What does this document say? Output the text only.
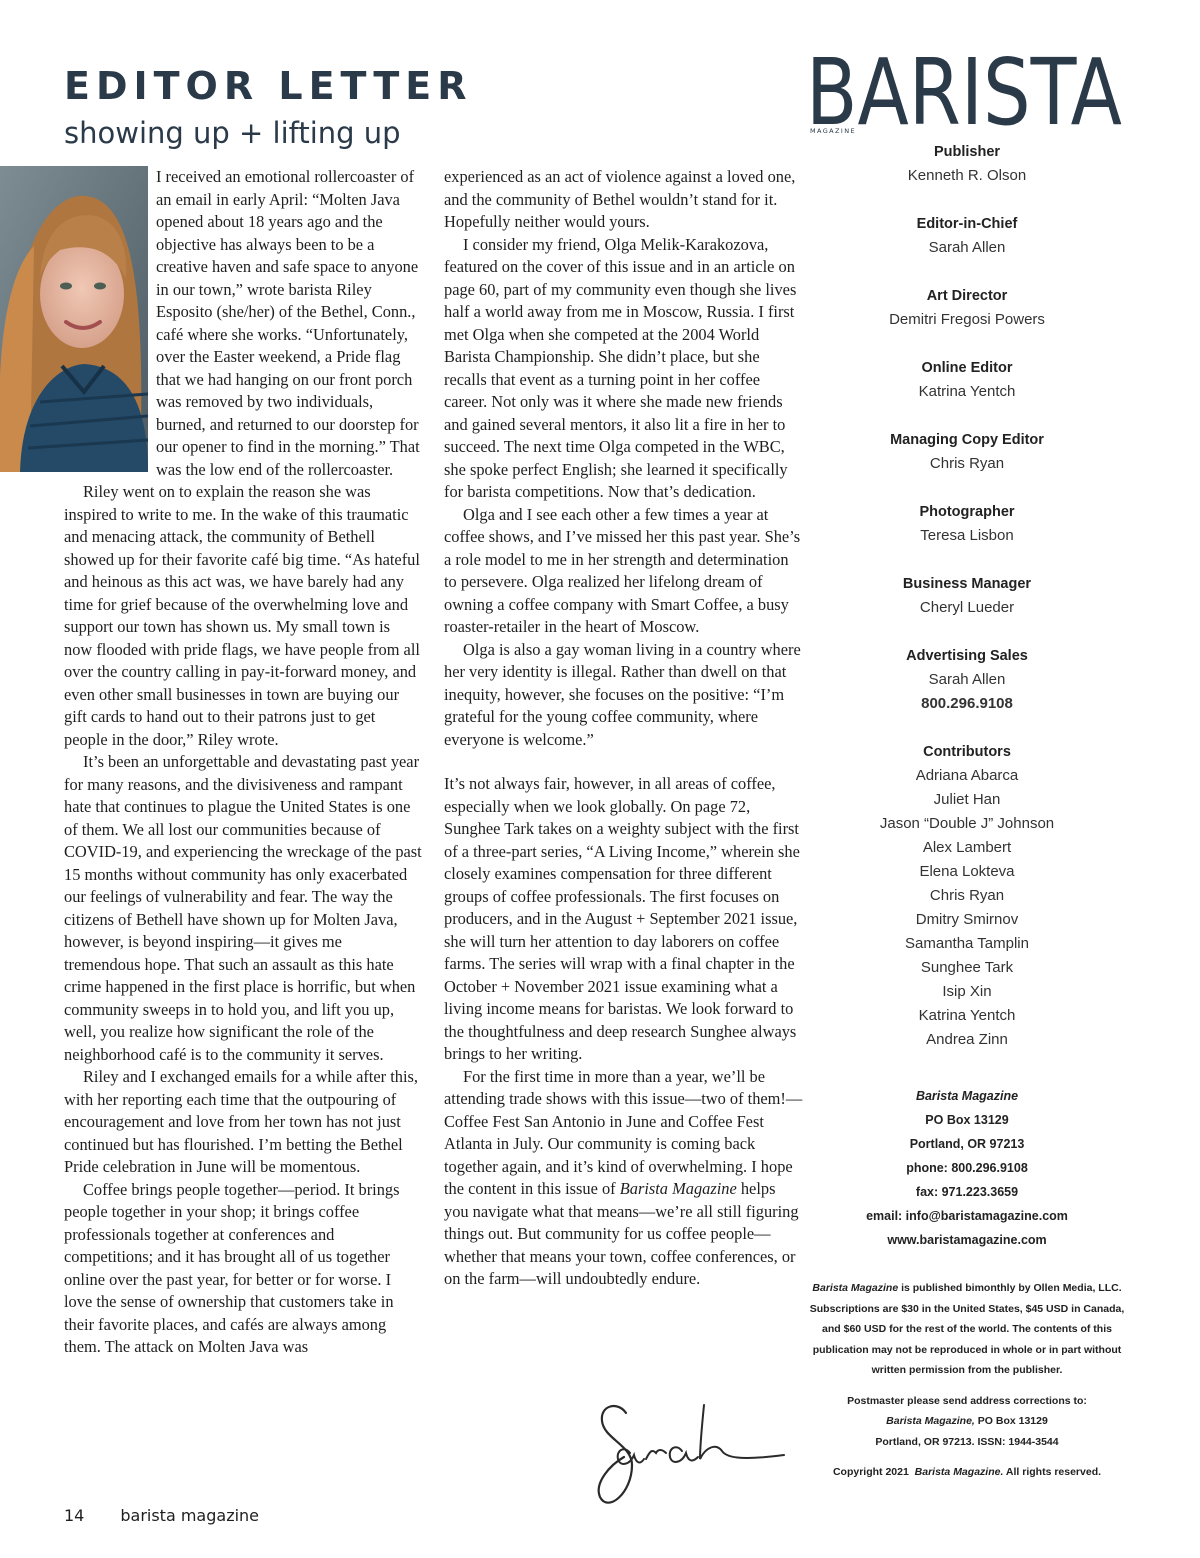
EDITOR LETTER
showing up + lifting up	BARISTA
MAGAZINE

I received an emotional rollercoaster of an email in early April: “Molten Java opened about 18 years ago and the objective has always been to be a creative haven and safe space to anyone in our town,” wrote barista Riley Esposito (she/her) of the Bethel, Conn., café where she works. “Unfortunately, over the Easter weekend, a Pride flag that we had hanging on our front porch was removed by two individuals, burned, and returned to our doorstep for our opener to find in the morning.” That was the low end of the rollercoaster.

Riley went on to explain the reason she was inspired to write to me. In the wake of this traumatic and menacing attack, the community of Bethell showed up for their favorite café big time. “As hateful and heinous as this act was, we have barely had any time for grief because of the overwhelming love and support our town has shown us. My small town is now flooded with pride flags, we have people from all over the country calling in pay-it-forward money, and even other small businesses in town are buying our gift cards to hand out to their patrons just to get people in the door,” Riley wrote.

It’s been an unforgettable and devastating past year for many reasons, and the divisiveness and rampant hate that continues to plague the United States is one of them. We all lost our communities because of COVID-19, and experiencing the wreckage of the past 15 months without community has only exacerbated our feelings of vulnerability and fear. The way the citizens of Bethell have shown up for Molten Java, however, is beyond inspiring—it gives me tremendous hope. That such an assault as this hate crime happened in the first place is horrific, but when community sweeps in to hold you, and lift you up, well, you realize how significant the role of the neighborhood café is to the community it serves.

Riley and I exchanged emails for a while after this, with her reporting each time that the outpouring of encouragement and love from her town has not just continued but has flourished. I’m betting the Bethel Pride celebration in June will be momentous.

Coffee brings people together—period. It brings people together in your shop; it brings coffee professionals together at conferences and competitions; and it has brought all of us together online over the past year, for better or for worse. I love the sense of ownership that customers take in their favorite places, and cafés are always among them. The attack on Molten Java was

experienced as an act of violence against a loved one, and the community of Bethel wouldn’t stand for it. Hopefully neither would yours.

I consider my friend, Olga Melik-Karakozova, featured on the cover of this issue and in an article on page 60, part of my community even though she lives half a world away from me in Moscow, Russia. I first met Olga when she competed at the 2004 World Barista Championship. She didn’t place, but she recalls that event as a turning point in her coffee career. Not only was it where she made new friends and gained several mentors, it also lit a fire in her to succeed. The next time Olga competed in the WBC, she spoke perfect English; she learned it specifically for barista competitions. Now that’s dedication.

Olga and I see each other a few times a year at coffee shows, and I’ve missed her this past year. She’s a role model to me in her strength and determination to persevere. Olga realized her lifelong dream of owning a coffee company with Smart Coffee, a busy roaster-retailer in the heart of Moscow.

Olga is also a gay woman living in a country where her very identity is illegal. Rather than dwell on that inequity, however, she focuses on the positive: “I’m grateful for the young coffee community, where everyone is welcome.”

It’s not always fair, however, in all areas of coffee, especially when we look globally. On page 72, Sunghee Tark takes on a weighty subject with the first of a three-part series, “A Living Income,” wherein she closely examines compensation for three different groups of coffee professionals. The first focuses on producers, and in the August + September 2021 issue, she will turn her attention to day laborers on coffee farms. The series will wrap with a final chapter in the October + November 2021 issue examining what a living income means for baristas. We look forward to the thoughtfulness and deep research Sunghee always brings to her writing.

For the first time in more than a year, we’ll be attending trade shows with this issue—two of them!— Coffee Fest San Antonio in June and Coffee Fest Atlanta in July. Our community is coming back together again, and it’s kind of overwhelming. I hope the content in this issue of Barista Magazine helps you navigate what that means—we’re all still figuring things out. But community for us coffee people—whether that means your town, coffee conferences, or on the farm—will undoubtedly endure.

Publisher
Kenneth R. Olson
Editor-in-Chief
Sarah Allen
Art Director
Demitri Fregosi Powers
Online Editor
Katrina Yentch
Managing Copy Editor
Chris Ryan
Photographer
Teresa Lisbon
Business Manager
Cheryl Lueder
Advertising Sales
Sarah Allen
800.296.9108
Contributors
Adriana Abarca
Juliet Han
Jason “Double J” Johnson
Alex Lambert
Elena Lokteva
Chris Ryan
Dmitry Smirnov
Samantha Tamplin
Sunghee Tark
Isip Xin
Katrina Yentch
Andrea Zinn
Barista Magazine
PO Box 13129
Portland, OR 97213
phone: 800.296.9108
fax: 971.223.3659
email: info@baristamagazine.com
www.baristamagazine.com

Barista Magazine is published bimonthly by Ollen Media, LLC. Subscriptions are $30 in the United States, $45 USD in Canada, and $60 USD for the rest of the world. The contents of this publication may not be reproduced in whole or in part without written permission from the publisher.

Postmaster please send address corrections to:
Barista Magazine, PO Box 13129
Portland, OR 97213. ISSN: 1944-3544

Copyright 2021 Barista Magazine. All rights reserved.

14 barista magazine
